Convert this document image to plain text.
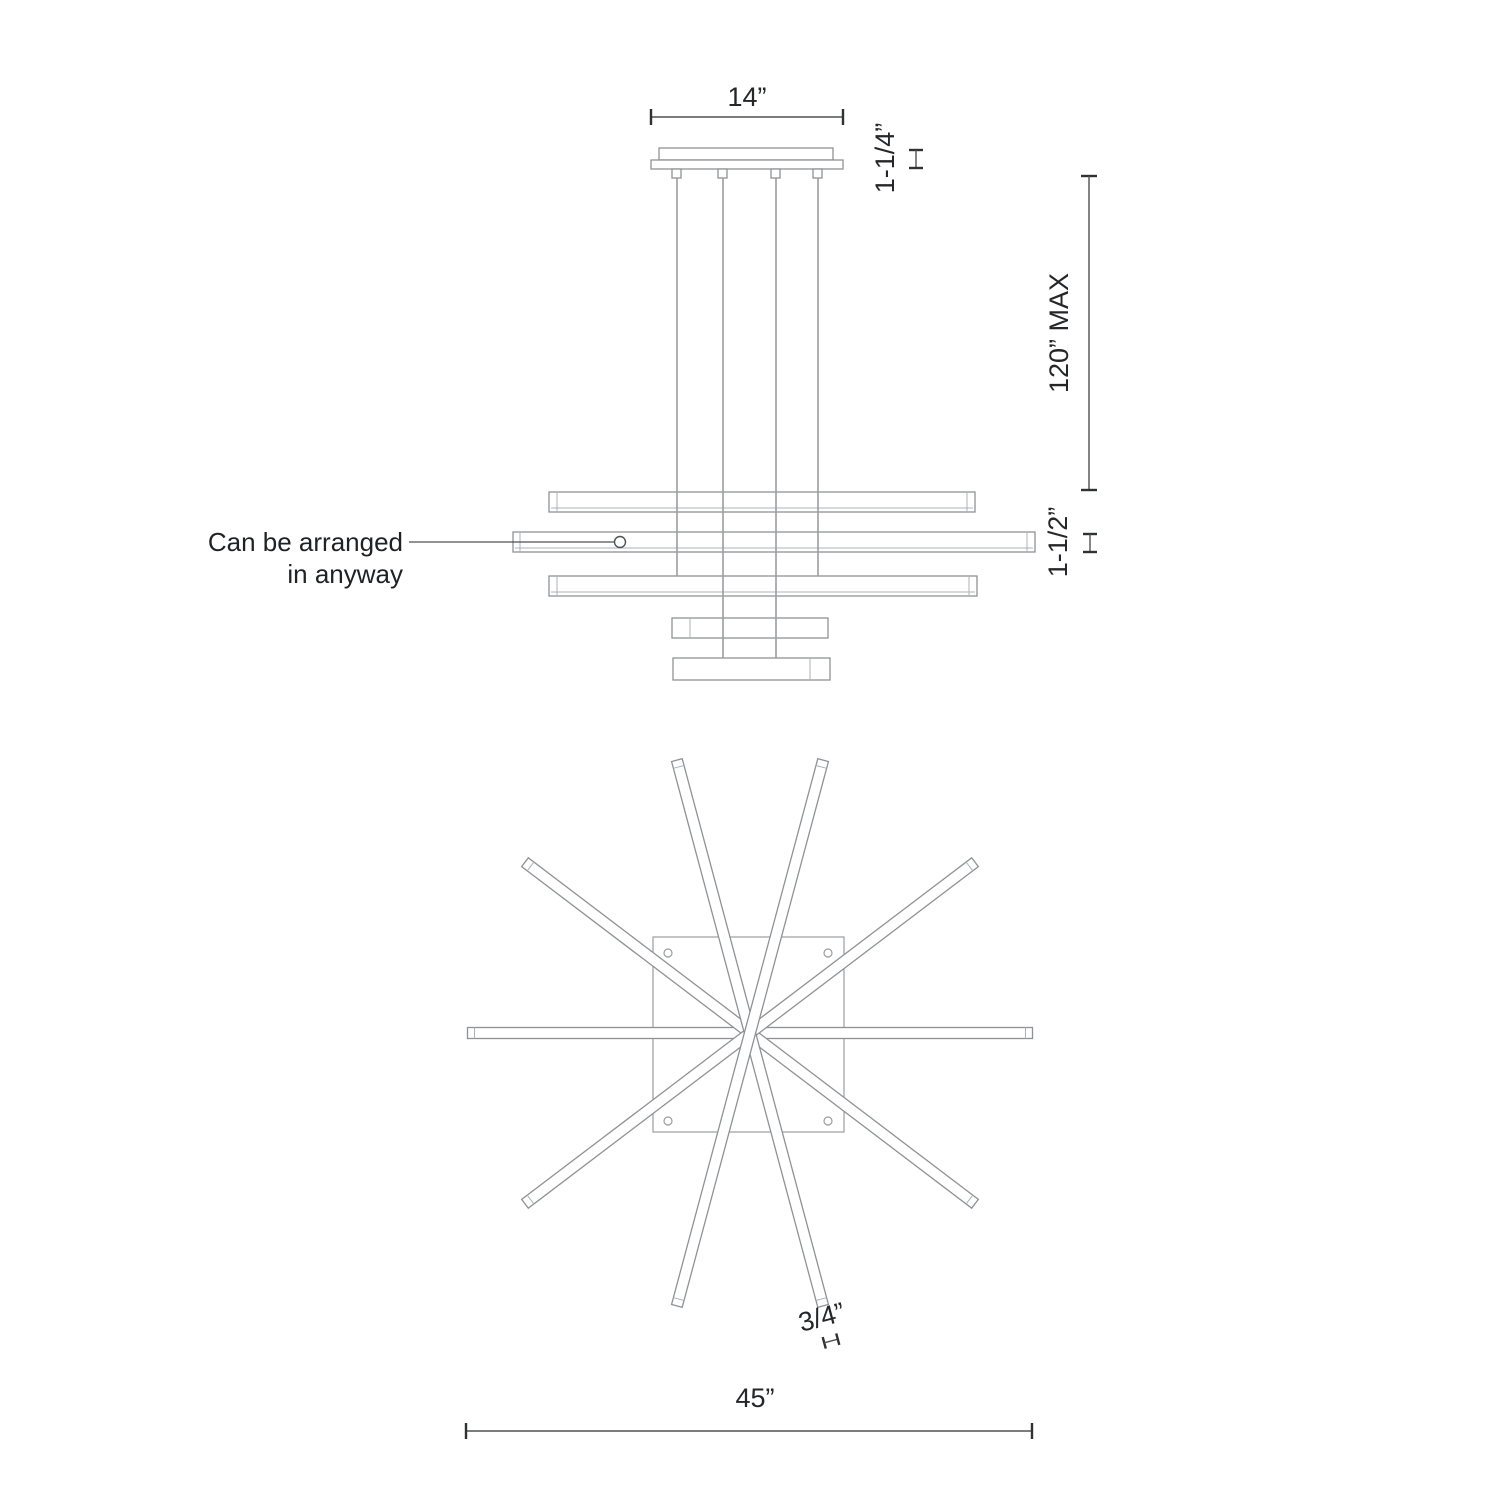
14”
1-1/4”
120” MAX
1-1/2”
Can be arranged
in anyway
3/4”
45”
